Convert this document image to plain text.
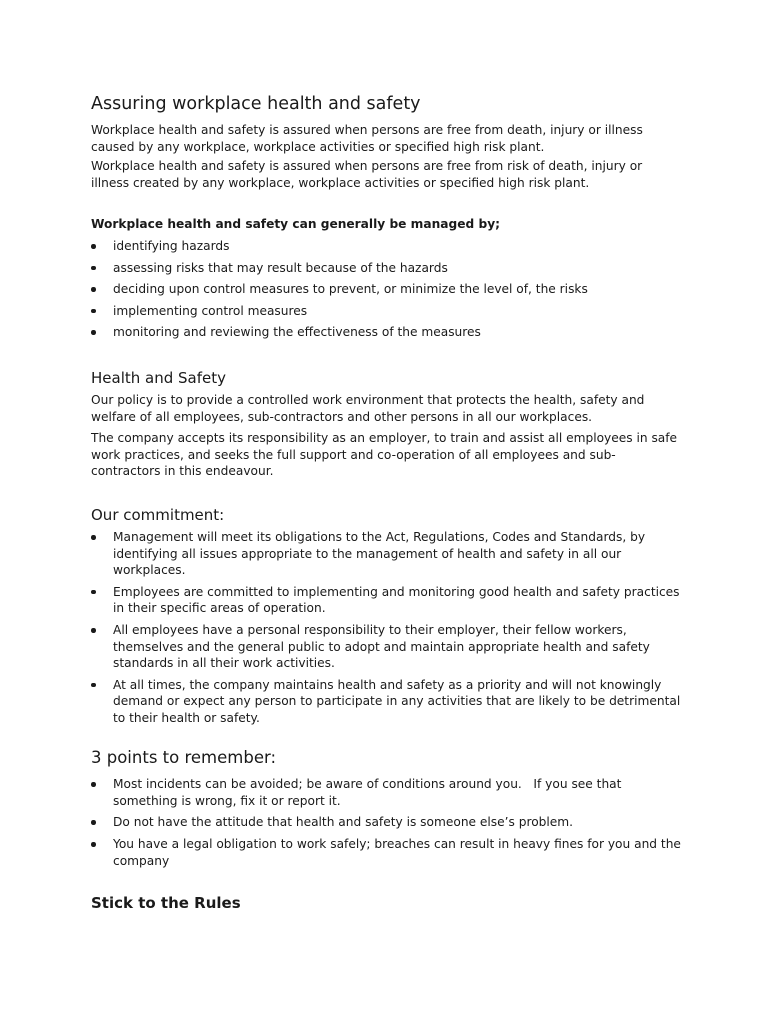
Assuring workplace health and safety

Workplace health and safety is assured when persons are free from death, injury or illness caused by any workplace, workplace activities or specified high risk plant.

Workplace health and safety is assured when persons are free from risk of death, injury or illness created by any workplace, workplace activities or specified high risk plant.

Workplace health and safety can generally be managed by;

identifying hazards
assessing risks that may result because of the hazards
deciding upon control measures to prevent, or minimize the level of, the risks
implementing control measures
monitoring and reviewing the effectiveness of the measures
Health and Safety

Our policy is to provide a controlled work environment that protects the health, safety and welfare of all employees, sub-contractors and other persons in all our workplaces.

The company accepts its responsibility as an employer, to train and assist all employees in safe work practices, and seeks the full support and co-operation of all employees and sub-contractors in this endeavour.

Our commitment:
Management will meet its obligations to the Act, Regulations, Codes and Standards, by identifying all issues appropriate to the management of health and safety in all our workplaces.
Employees are committed to implementing and monitoring good health and safety practices in their specific areas of operation.
All employees have a personal responsibility to their employer, their fellow workers, themselves and the general public to adopt and maintain appropriate health and safety standards in all their work activities.
At all times, the company maintains health and safety as a priority and will not knowingly demand or expect any person to participate in any activities that are likely to be detrimental to their health or safety.
3 points to remember:
Most incidents can be avoided; be aware of conditions around you.   If you see that something is wrong, fix it or report it.
Do not have the attitude that health and safety is someone else’s problem.
You have a legal obligation to work safely; breaches can result in heavy fines for you and the company
Stick to the Rules
